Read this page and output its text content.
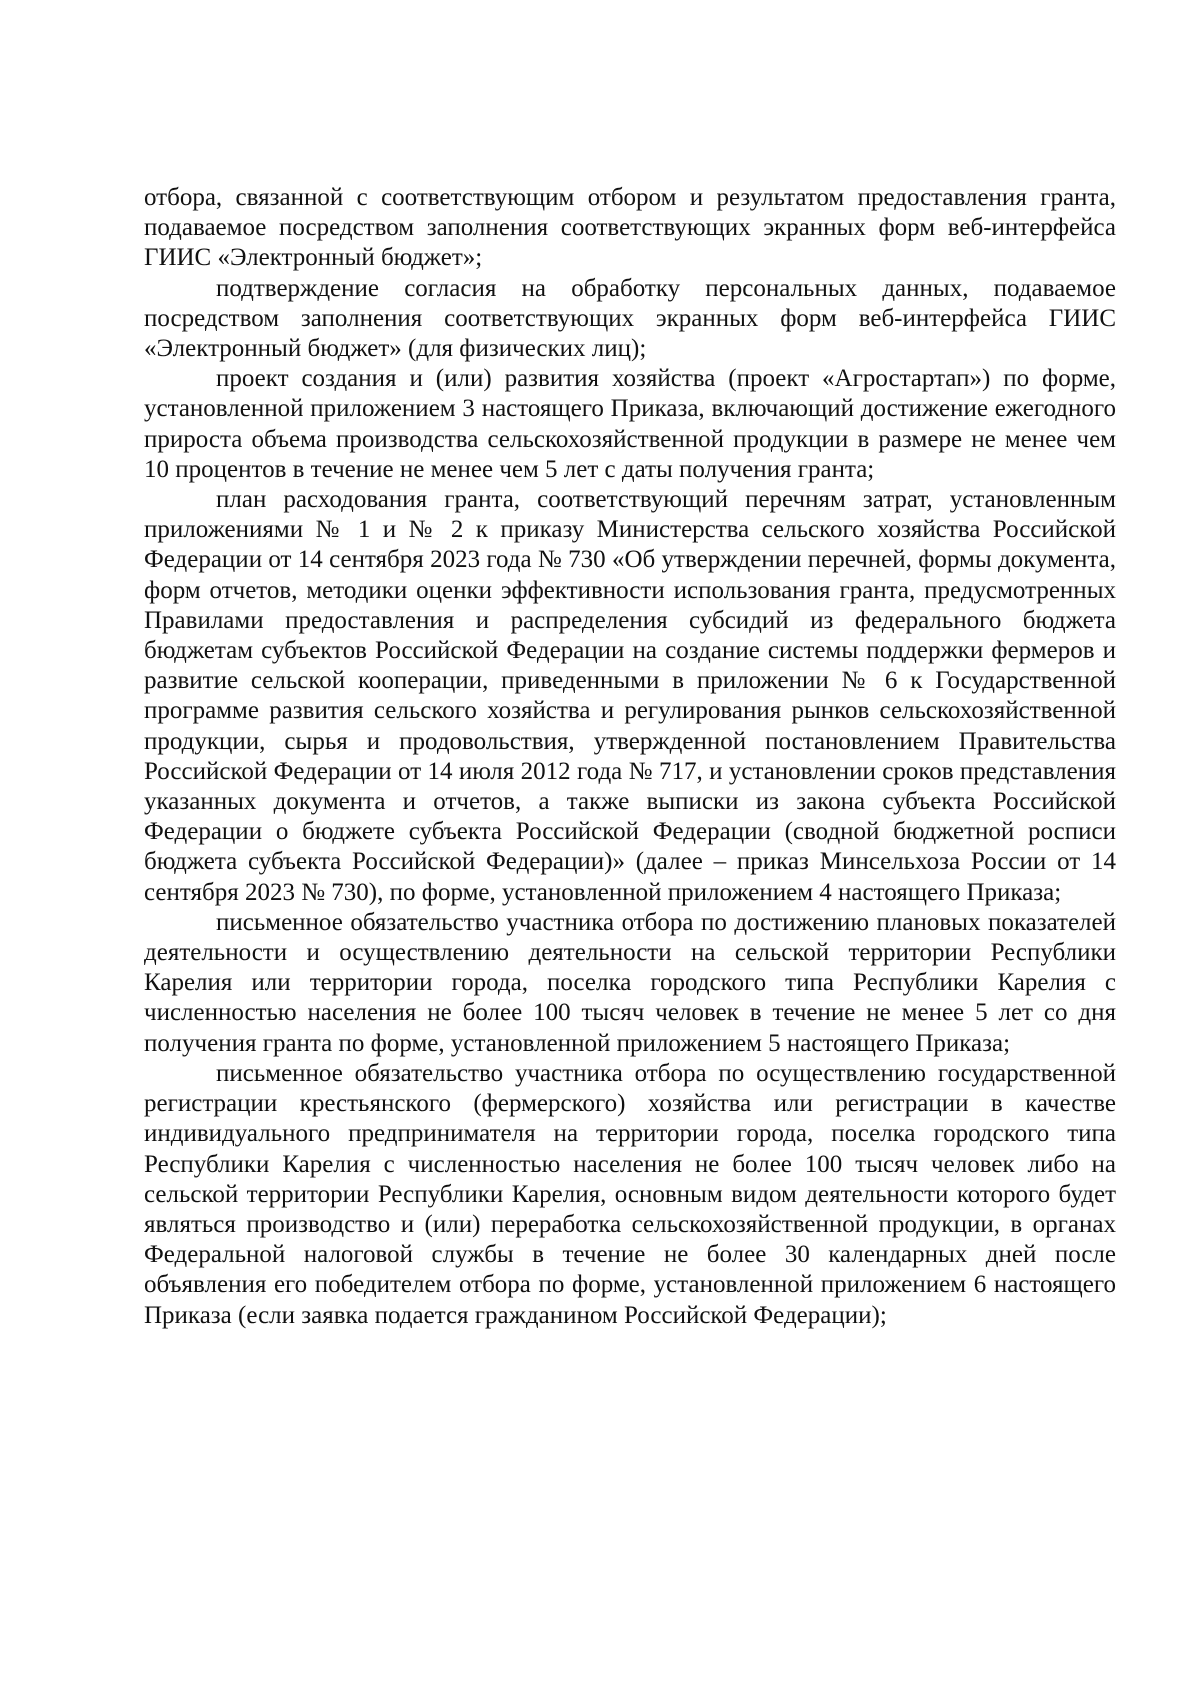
отбора, связанной с соответствующим отбором и результатом предоставления гранта, подаваемое посредством заполнения соответствующих экранных форм веб-интерфейса ГИИС «Электронный бюджет»;

подтверждение согласия на обработку персональных данных, подаваемое посредством заполнения соответствующих экранных форм веб-интерфейса ГИИС «Электронный бюджет» (для физических лиц);

проект создания и (или) развития хозяйства (проект «Агростартап») по форме, установленной приложением 3 настоящего Приказа, включающий достижение ежегодного прироста объема производства сельскохозяйственной продукции в размере не менее чем 10 процентов в течение не менее чем 5 лет с даты получения гранта;

план расходования гранта, соответствующий перечням затрат, установленным приложениями № 1 и № 2 к приказу Министерства сельского хозяйства Российской Федерации от 14 сентября 2023 года № 730 «Об утверждении перечней, формы документа, форм отчетов, методики оценки эффективности использования гранта, предусмотренных Правилами предоставления и распределения субсидий из федерального бюджета бюджетам субъектов Российской Федерации на создание системы поддержки фермеров и развитие сельской кооперации, приведенными в приложении № 6 к Государственной программе развития сельского хозяйства и регулирования рынков сельскохозяйственной продукции, сырья и продовольствия, утвержденной постановлением Правительства Российской Федерации от 14 июля 2012 года № 717, и установлении сроков представления указанных документа и отчетов, а также выписки из закона субъекта Российской Федерации о бюджете субъекта Российской Федерации (сводной бюджетной росписи бюджета субъекта Российской Федерации)» (далее – приказ Минсельхоза России от 14 сентября 2023 № 730), по форме, установленной приложением 4 настоящего Приказа;

письменное обязательство участника отбора по достижению плановых показателей деятельности и осуществлению деятельности на сельской территории Республики Карелия или территории города, поселка городского типа Республики Карелия с численностью населения не более 100 тысяч человек в течение не менее 5 лет со дня получения гранта по форме, установленной приложением 5 настоящего Приказа;

письменное обязательство участника отбора по осуществлению государственной регистрации крестьянского (фермерского) хозяйства или регистрации в качестве индивидуального предпринимателя на территории города, поселка городского типа Республики Карелия с численностью населения не более 100 тысяч человек либо на сельской территории Республики Карелия, основным видом деятельности которого будет являться производство и (или) переработка сельскохозяйственной продукции, в органах Федеральной налоговой службы в течение не более 30 календарных дней после объявления его победителем отбора по форме, установленной приложением 6 настоящего Приказа (если заявка подается гражданином Российской Федерации);
